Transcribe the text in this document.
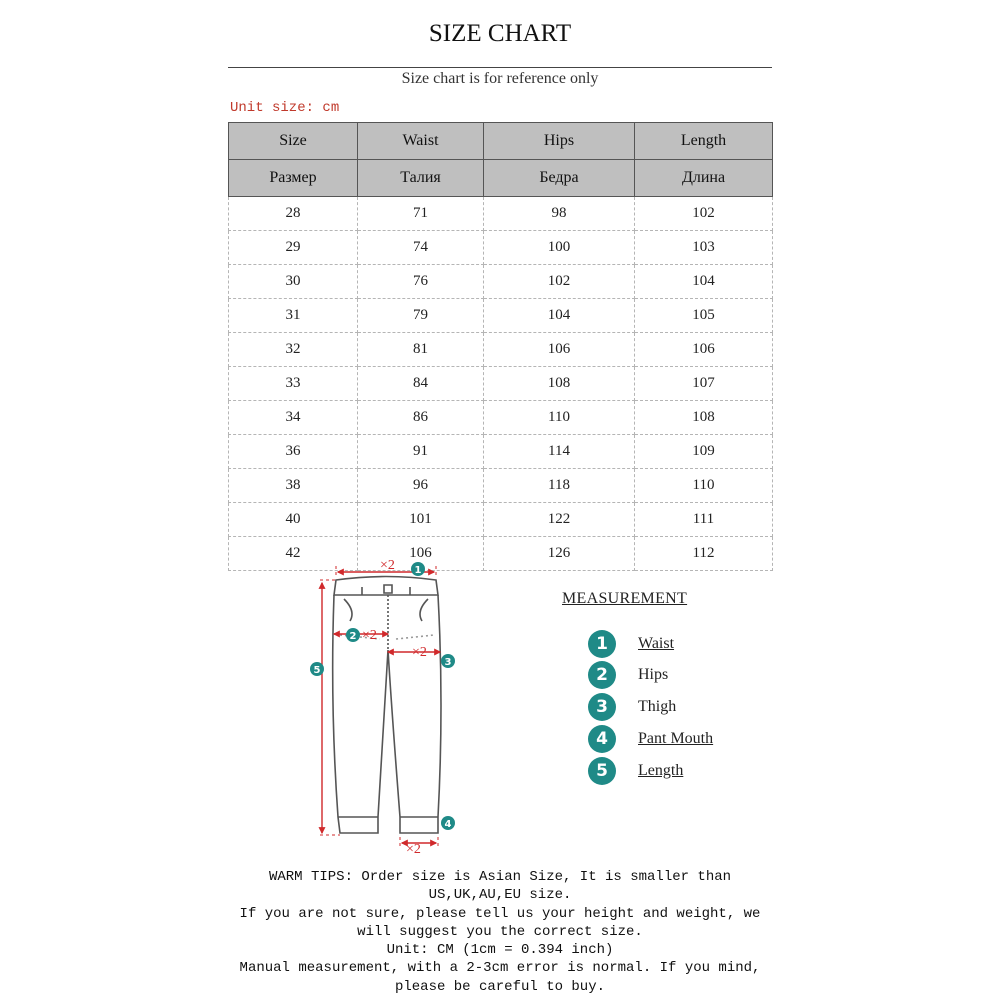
SIZE CHART
Size chart is for reference only
Unit size: cm
Size	Waist	Hips	Length
Размер	Талия	Бедра	Длина
28	71	98	102
29	74	100	103
30	76	102	104
31	79	104	105
32	81	106	106
33	84	108	107
34	86	110	108
36	91	114	109
38	96	118	110
40	101	122	111
42	106	126	112
×2
×2
×2
×2
1
2
3
4
5
MEASUREMENT
1	Waist
2	Hips
3	Thigh
4	Pant Mouth
5	Length
WARM TIPS: Order size is Asian Size, It is smaller than US,UK,AU,EU size.
If you are not sure, please tell us your height and weight, we will suggest you the correct size.
Unit: CM (1cm = 0.394 inch)
Manual measurement, with a 2-3cm error is normal. If you mind, please be careful to buy.
